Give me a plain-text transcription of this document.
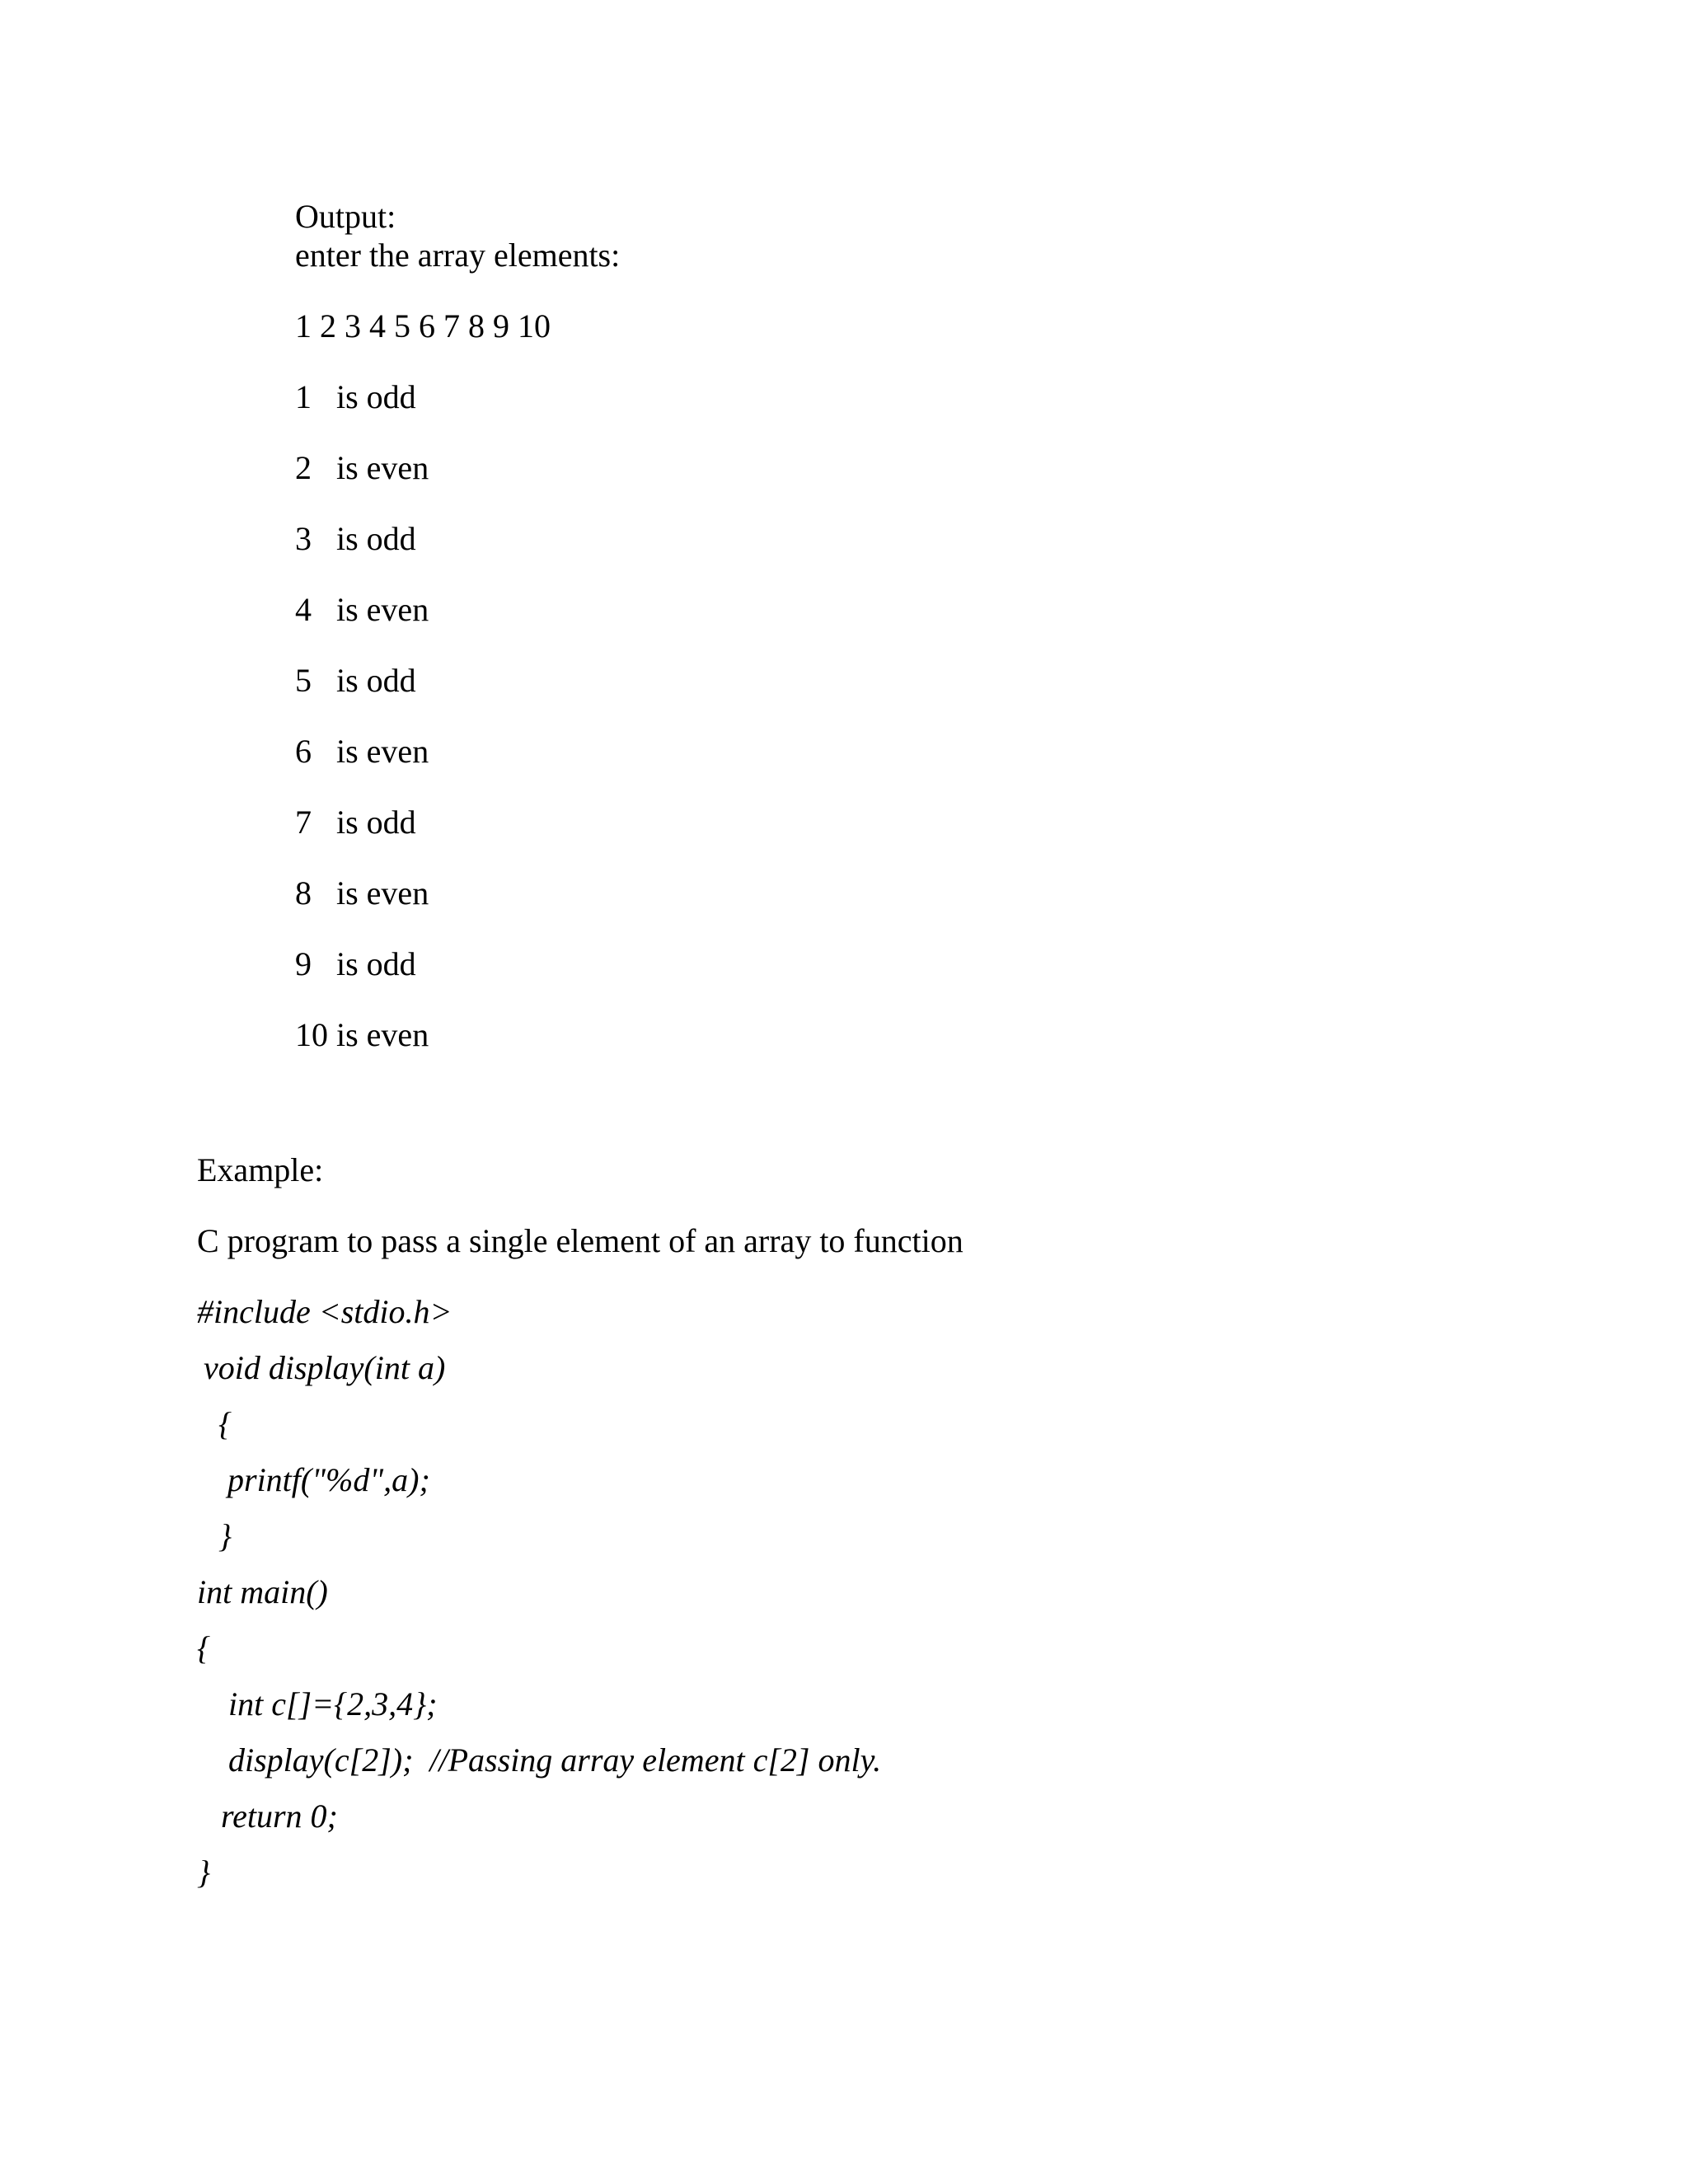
Output:
enter the array elements:
1 2 3 4 5 6 7 8 9 10
1 is odd
2 is even
3 is odd
4 is even
5 is odd
6 is even
7 is odd
8 is even
9 is odd
10 is even
Example:
C program to pass a single element of an array to function
#include <stdio.h>
void display(int a)
{
printf("%d",a);
}
int main()
{
int c[]={2,3,4};
display(c[2]);  //Passing array element c[2] only.
return 0;
}
